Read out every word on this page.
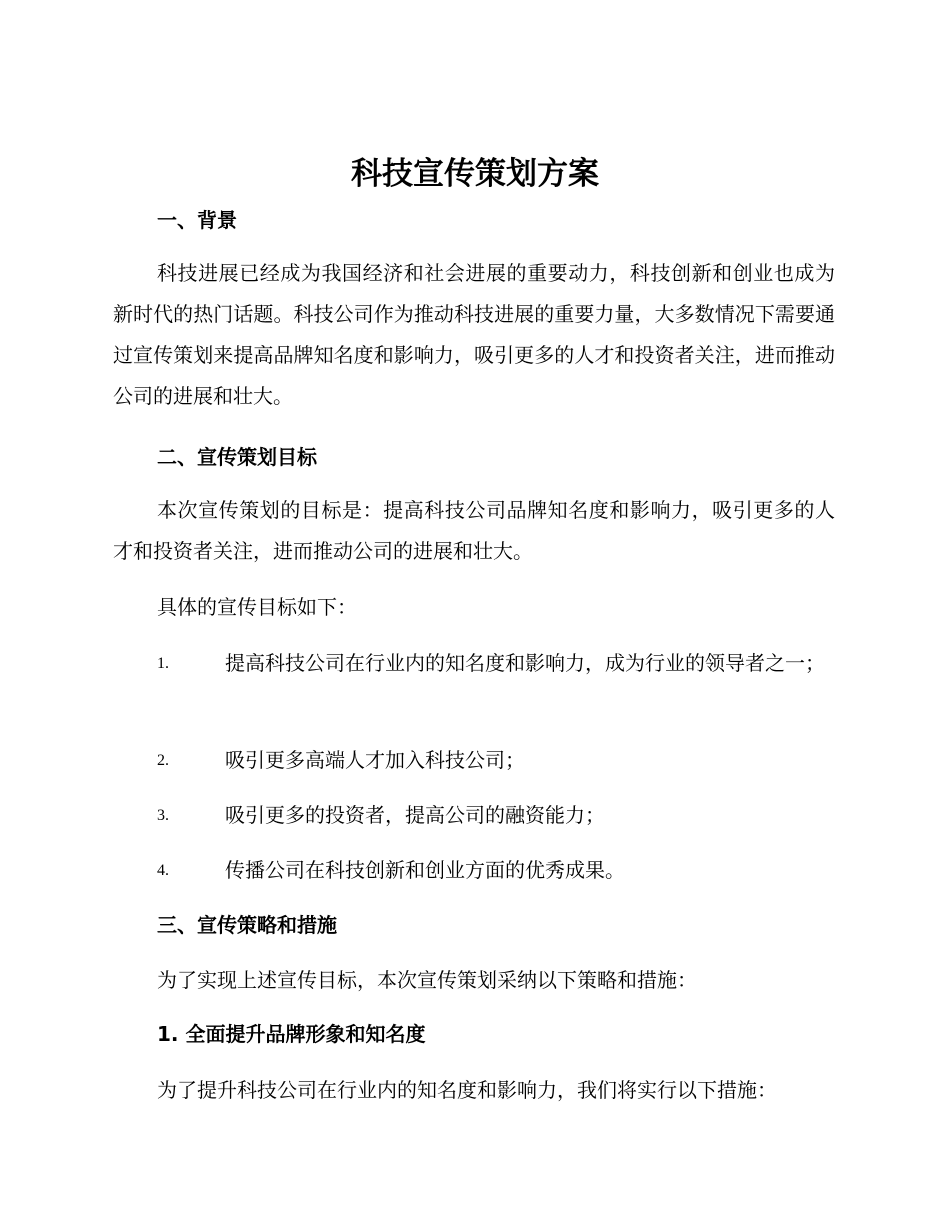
科技宣传策划方案
一、背景

科技进展已经成为我国经济和社会进展的重要动力，科技创新和创业也成为新时代的热门话题。科技公司作为推动科技进展的重要力量，大多数情况下需要通过宣传策划来提高品牌知名度和影响力，吸引更多的人才和投资者关注，进而推动公司的进展和壮大。

二、宣传策划目标

本次宣传策划的目标是：提高科技公司品牌知名度和影响力，吸引更多的人才和投资者关注，进而推动公司的进展和壮大。

具体的宣传目标如下：

1.	提高科技公司在行业内的知名度和影响力，成为行业的领导者之一；
2.	吸引更多高端人才加入科技公司；
3.	吸引更多的投资者，提高公司的融资能力；
4.	传播公司在科技创新和创业方面的优秀成果。
三、宣传策略和措施

为了实现上述宣传目标，本次宣传策划采纳以下策略和措施：

1. 全面提升品牌形象和知名度

为了提升科技公司在行业内的知名度和影响力，我们将实行以下措施：
